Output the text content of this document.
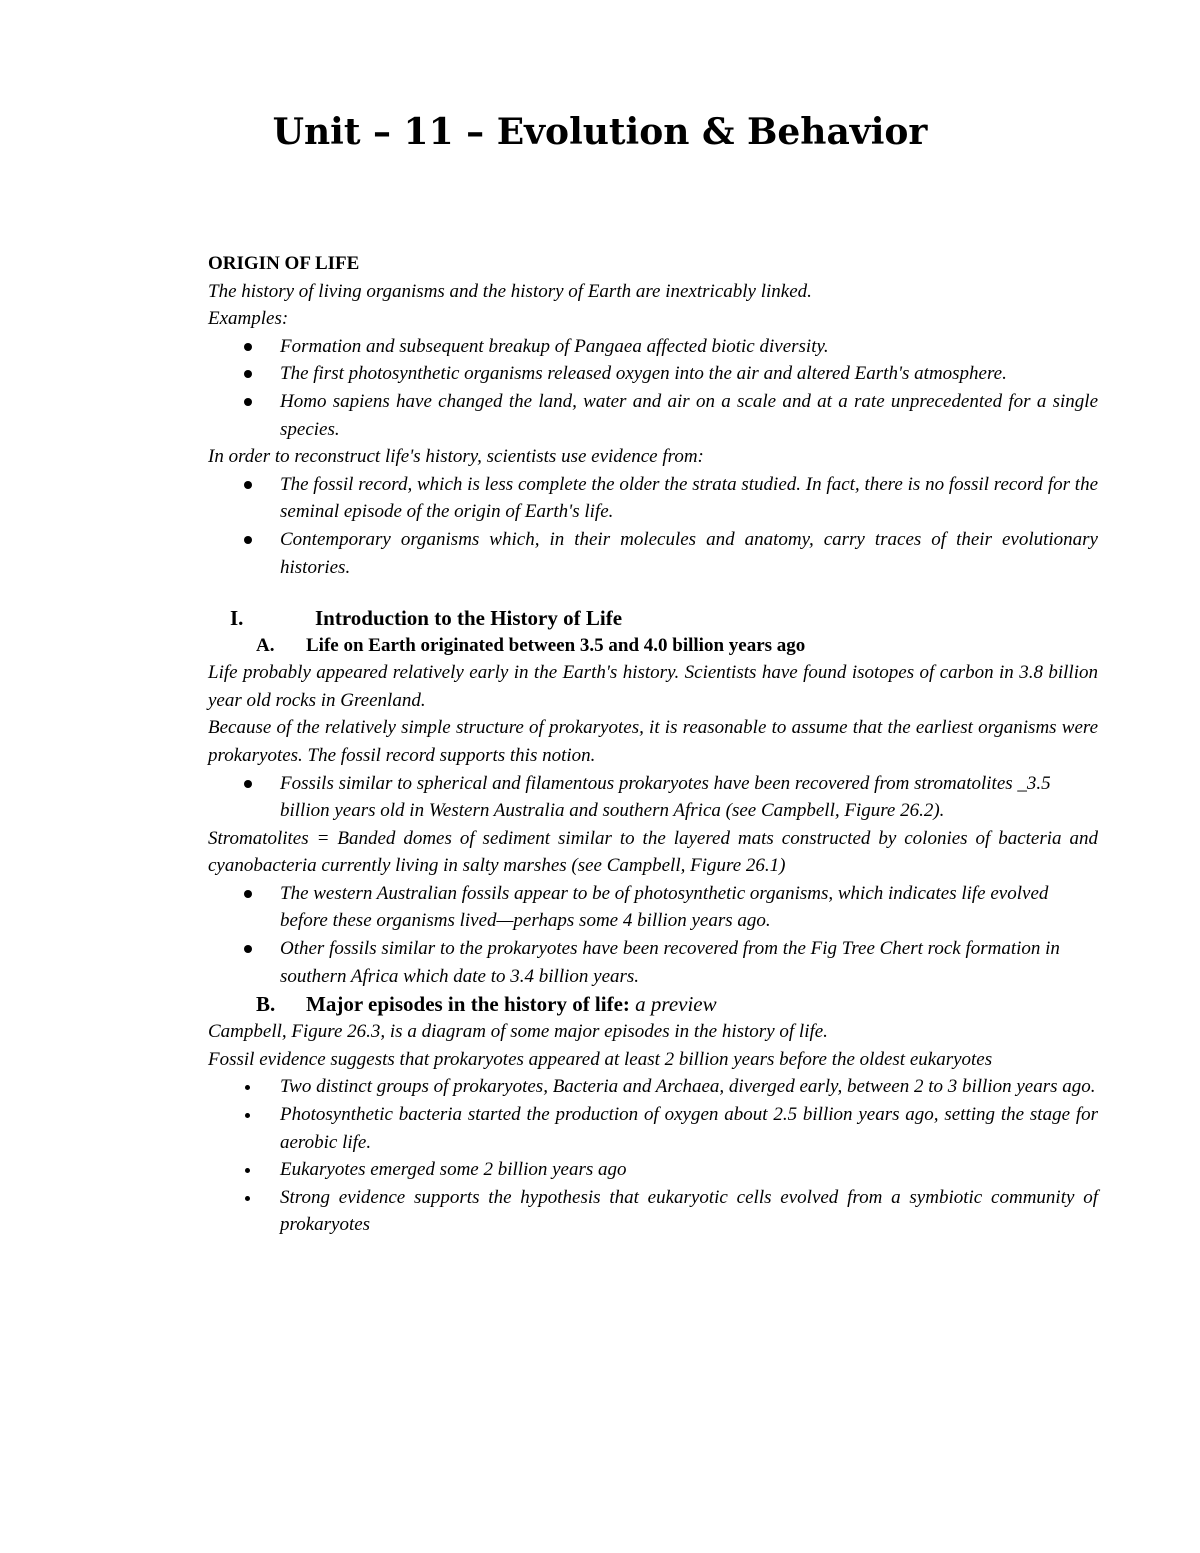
Unit – 11 – Evolution & Behavior

ORIGIN OF LIFE

The history of living organisms and the history of Earth are inextricably linked.

Examples:

Formation and subsequent breakup of Pangaea affected biotic diversity.
The first photosynthetic organisms released oxygen into the air and altered Earth's atmosphere.
Homo sapiens have changed the land, water and air on a scale and at a rate unprecedented for a single species.

In order to reconstruct life's history, scientists use evidence from:

The fossil record, which is less complete the older the strata studied. In fact, there is no fossil record for the seminal episode of the origin of Earth's life.
Contemporary organisms which, in their molecules and anatomy, carry traces of their evolutionary histories.
I.	Introduction to the History of Life
A. Life on Earth originated between 3.5 and 4.0 billion years ago

Life probably appeared relatively early in the Earth's history. Scientists have found isotopes of carbon in 3.8 billion year old rocks in Greenland.

Because of the relatively simple structure of prokaryotes, it is reasonable to assume that the earliest organisms were prokaryotes. The fossil record supports this notion.

Fossils similar to spherical and filamentous prokaryotes have been recovered from stromatolites _3.5 billion years old in Western Australia and southern Africa (see Campbell, Figure 26.2).

Stromatolites = Banded domes of sediment similar to the layered mats constructed by colonies of bacteria and cyanobacteria currently living in salty marshes (see Campbell, Figure 26.1)

The western Australian fossils appear to be of photosynthetic organisms, which indicates life evolved before these organisms lived—perhaps some 4 billion years ago.
Other fossils similar to the prokaryotes have been recovered from the Fig Tree Chert rock formation in southern Africa which date to 3.4 billion years.
B. Major episodes in the history of life: a preview

Campbell, Figure 26.3, is a diagram of some major episodes in the history of life.

Fossil evidence suggests that prokaryotes appeared at least 2 billion years before the oldest eukaryotes

Two distinct groups of prokaryotes, Bacteria and Archaea, diverged early, between 2 to 3 billion years ago.
Photosynthetic bacteria started the production of oxygen about 2.5 billion years ago, setting the stage for aerobic life.
Eukaryotes emerged some 2 billion years ago
Strong evidence supports the hypothesis that eukaryotic cells evolved from a symbiotic community of prokaryotes
